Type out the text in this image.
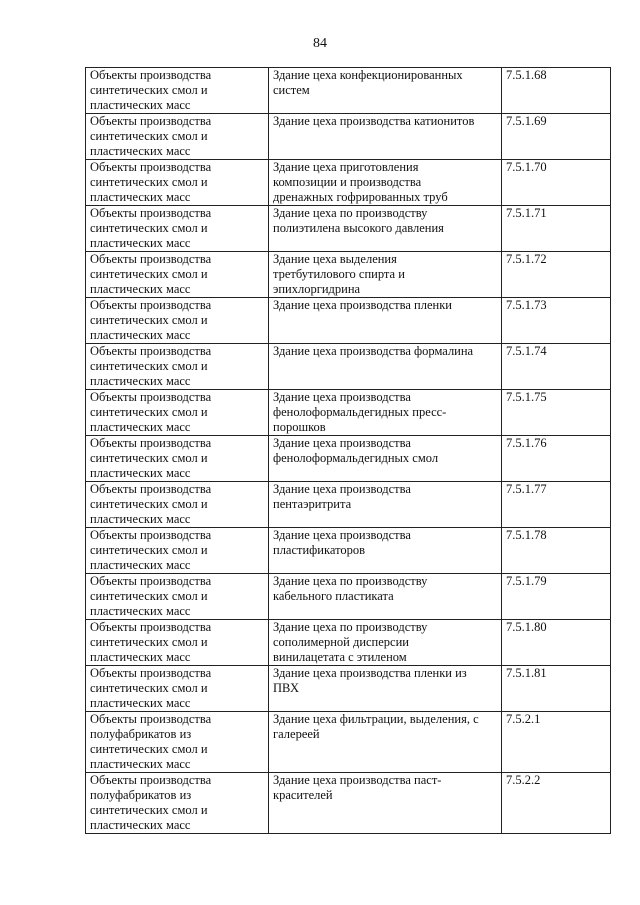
84
Объекты производства
синтетических смол и
пластических масс	Здание цеха конфекционированных
систем	7.5.1.68

Объекты производства
синтетических смол и
пластических масс	Здание цеха производства катионитов	7.5.1.69

Объекты производства
синтетических смол и
пластических масс	Здание цеха приготовления
композиции и производства
дренажных гофрированных труб	7.5.1.70

Объекты производства
синтетических смол и
пластических масс	Здание цеха по производству
полиэтилена высокого давления	7.5.1.71

Объекты производства
синтетических смол и
пластических масс	Здание цеха выделения
третбутилового спирта и
эпихлоргидрина	7.5.1.72

Объекты производства
синтетических смол и
пластических масс	Здание цеха производства пленки	7.5.1.73

Объекты производства
синтетических смол и
пластических масс	Здание цеха производства формалина	7.5.1.74

Объекты производства
синтетических смол и
пластических масс	Здание цеха производства
фенолоформальдегидных пресс-
порошков	7.5.1.75

Объекты производства
синтетических смол и
пластических масс	Здание цеха производства
фенолоформальдегидных смол	7.5.1.76

Объекты производства
синтетических смол и
пластических масс	Здание цеха производства
пентаэритрита	7.5.1.77

Объекты производства
синтетических смол и
пластических масс	Здание цеха производства
пластификаторов	7.5.1.78

Объекты производства
синтетических смол и
пластических масс	Здание цеха по производству
кабельного пластиката	7.5.1.79

Объекты производства
синтетических смол и
пластических масс	Здание цеха по производству
сополимерной дисперсии
винилацетата с этиленом	7.5.1.80

Объекты производства
синтетических смол и
пластических масс	Здание цеха производства пленки из
ПВХ	7.5.1.81

Объекты производства
полуфабрикатов из
синтетических смол и
пластических масс	Здание цеха фильтрации, выделения, с
галереей	7.5.2.1

Объекты производства
полуфабрикатов из
синтетических смол и
пластических масс	Здание цеха производства паст-
красителей	7.5.2.2
